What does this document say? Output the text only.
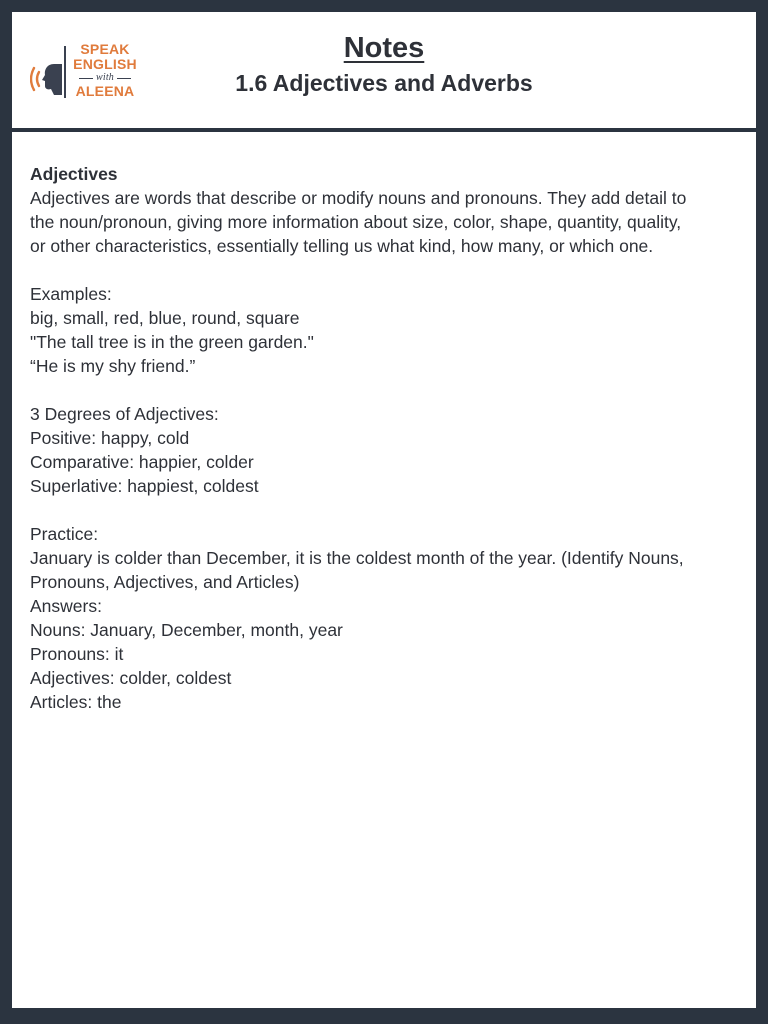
SPEAK
ENGLISH
with
ALEENA
Notes
1.6 Adjectives and Adverbs

Adjectives

Adjectives are words that describe or modify nouns and pronouns. They add detail to

the noun/pronoun, giving more information about size, color, shape, quantity, quality,

or other characteristics, essentially telling us what kind, how many, or which one.

Examples:

big, small, red, blue, round, square

"The tall tree is in the green garden."

“He is my shy friend.”

3 Degrees of Adjectives:

Positive: happy, cold

Comparative: happier, colder

Superlative: happiest, coldest

Practice:

January is colder than December, it is the coldest month of the year. (Identify Nouns,

Pronouns, Adjectives, and Articles)

Answers:

Nouns: January, December, month, year

Pronouns: it

Adjectives: colder, coldest

Articles: the
